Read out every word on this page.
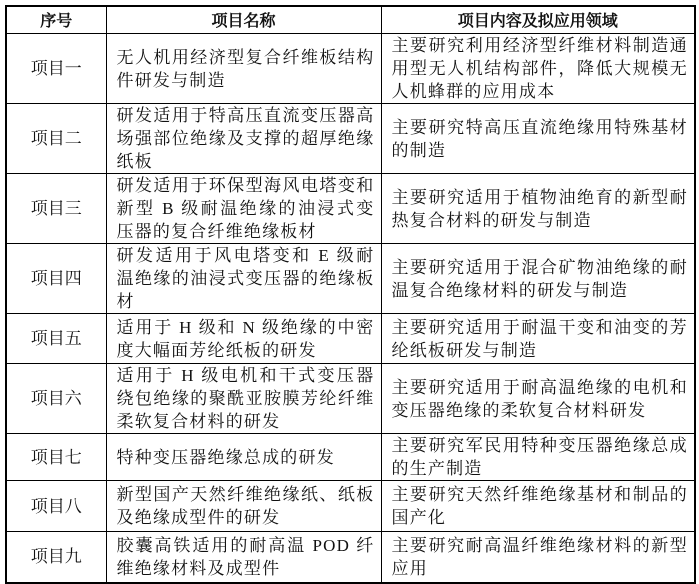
序号	项目名称	项目内容及拟应用领域
项目一	无人机用经济型复合纤维板结构件研发与制造	主要研究利用经济型纤维材料制造通用型无人机结构部件，降低大规模无人机蜂群的应用成本
项目二	研发适用于特高压直流变压器高场强部位绝缘及支撑的超厚绝缘纸板	主要研究特高压直流绝缘用特殊基材的制造
项目三	研发适用于环保型海风电塔变和新型 B 级耐温绝缘的油浸式变压器的复合纤维绝缘板材	主要研究适用于植物油绝育的新型耐热复合材料的研发与制造
项目四	研发适用于风电塔变和 E 级耐温绝缘的油浸式变压器的绝缘板材	主要研究适用于混合矿物油绝缘的耐温复合绝缘材料的研发与制造
项目五	适用于 H 级和 N 级绝缘的中密度大幅面芳纶纸板的研发	主要研究适用于耐温干变和油变的芳纶纸板研发与制造
项目六	适用于 H 级电机和干式变压器绕包绝缘的聚酰亚胺膜芳纶纤维柔软复合材料的研发	主要研究适用于耐高温绝缘的电机和变压器绝缘的柔软复合材料研发
项目七	特种变压器绝缘总成的研发	主要研究军民用特种变压器绝缘总成的生产制造
项目八	新型国产天然纤维绝缘纸、纸板及绝缘成型件的研发	主要研究天然纤维绝缘基材和制品的国产化
项目九	胶囊高铁适用的耐高温 POD 纤维绝缘材料及成型件	主要研究耐高温纤维绝缘材料的新型应用
